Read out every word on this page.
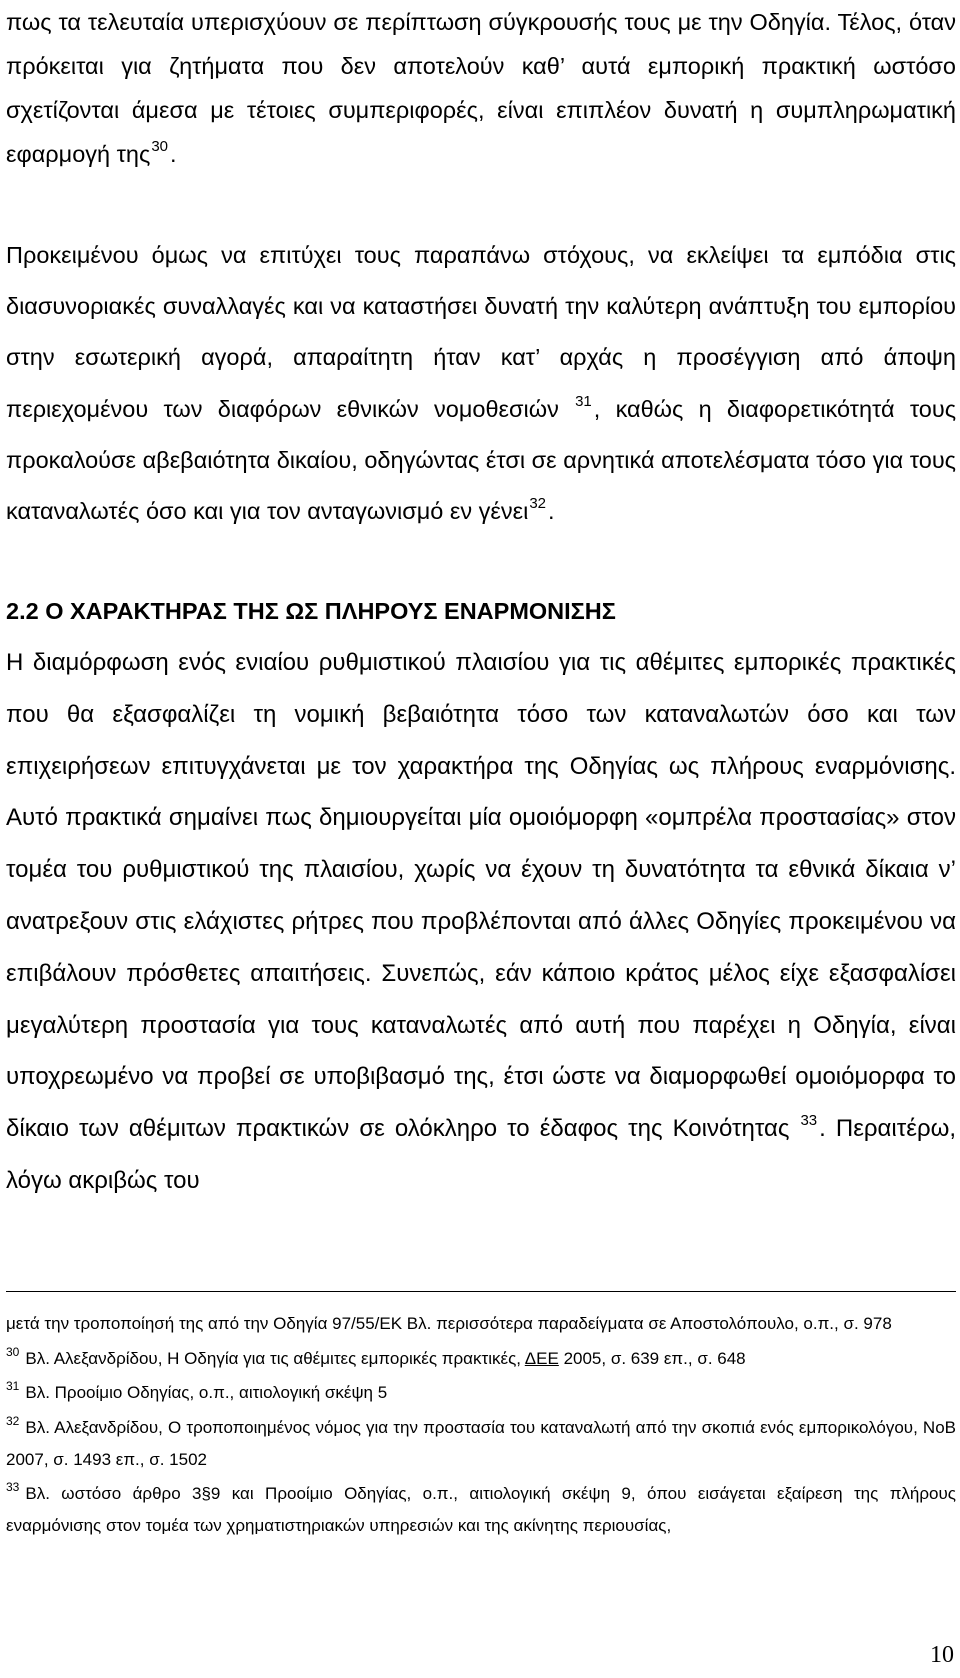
πως τα τελευταία υπερισχύουν σε περίπτωση σύγκρουσής τους με την Οδηγία. Τέλος, όταν πρόκειται για ζητήματα που δεν αποτελούν καθ’ αυτά εμπορική πρακτική ωστόσο σχετίζονται άμεσα με τέτοιες συμπεριφορές, είναι επιπλέον δυνατή η συμπληρωματική εφαρμογή της$^{30}$.

Προκειμένου όμως να επιτύχει τους παραπάνω στόχους, να εκλείψει τα εμπόδια στις διασυνοριακές συναλλαγές και να καταστήσει δυνατή την καλύτερη ανάπτυξη του εμπορίου στην εσωτερική αγορά, απαραίτητη ήταν κατ’ αρχάς η προσέγγιση από άποψη περιεχομένου των διαφόρων εθνικών νομοθεσιών $^{31}$, καθώς η διαφορετικότητά τους προκαλούσε αβεβαιότητα δικαίου, οδηγώντας έτσι σε αρνητικά αποτελέσματα τόσο για τους καταναλωτές όσο και για τον ανταγωνισμό εν γένει$^{32}$.

2.2 Ο ΧΑΡΑΚΤΗΡΑΣ ΤΗΣ ΩΣ ΠΛΗΡΟΥΣ ΕΝΑΡΜΟΝΙΣΗΣ

Η διαμόρφωση ενός ενιαίου ρυθμιστικού πλαισίου για τις αθέμιτες εμπορικές πρακτικές που θα εξασφαλίζει τη νομική βεβαιότητα τόσο των καταναλωτών όσο και των επιχειρήσεων επιτυγχάνεται με τον χαρακτήρα της Οδηγίας ως πλήρους εναρμόνισης. Αυτό πρακτικά σημαίνει πως δημιουργείται μία ομοιόμορφη «ομπρέλα προστασίας» στον τομέα του ρυθμιστικού της πλαισίου, χωρίς να έχουν τη δυνατότητα τα εθνικά δίκαια ν’ ανατρεξουν στις ελάχιστες ρήτρες που προβλέπονται από άλλες Οδηγίες προκειμένου να επιβάλουν πρόσθετες απαιτήσεις. Συνεπώς, εάν κάποιο κράτος μέλος είχε εξασφαλίσει μεγαλύτερη προστασία για τους καταναλωτές από αυτή που παρέχει η Οδηγία, είναι υποχρεωμένο να προβεί σε υποβιβασμό της, έτσι ώστε να διαμορφωθεί ομοιόμορφα το δίκαιο των αθέμιτων πρακτικών σε ολόκληρο το έδαφος της Κοινότητας $^{33}$. Περαιτέρω, λόγω ακριβώς του

μετά την τροποποίησή της από την Οδηγία 97/55/ΕΚ Βλ. περισσότερα παραδείγματα σε Αποστολόπουλο, ο.π., σ. 978

$^{30}$ Βλ. Αλεξανδρίδου, Η Οδηγία για τις αθέμιτες εμπορικές πρακτικές, ΔΕΕ 2005, σ. 639 επ., σ. 648

$^{31}$ Βλ. Προοίμιο Οδηγίας, ο.π., αιτιολογική σκέψη 5

$^{32}$ Βλ. Αλεξανδρίδου, Ο τροποποιημένος νόμος για την προστασία του καταναλωτή από την σκοπιά ενός εμπορικολόγου, ΝοΒ 2007, σ. 1493 επ., σ. 1502

$^{33}$ Βλ. ωστόσο άρθρο 3§9 και Προοίμιο Οδηγίας, ο.π., αιτιολογική σκέψη 9, όπου εισάγεται εξαίρεση της πλήρους εναρμόνισης στον τομέα των χρηματιστηριακών υπηρεσιών και της ακίνητης περιουσίας,

10
